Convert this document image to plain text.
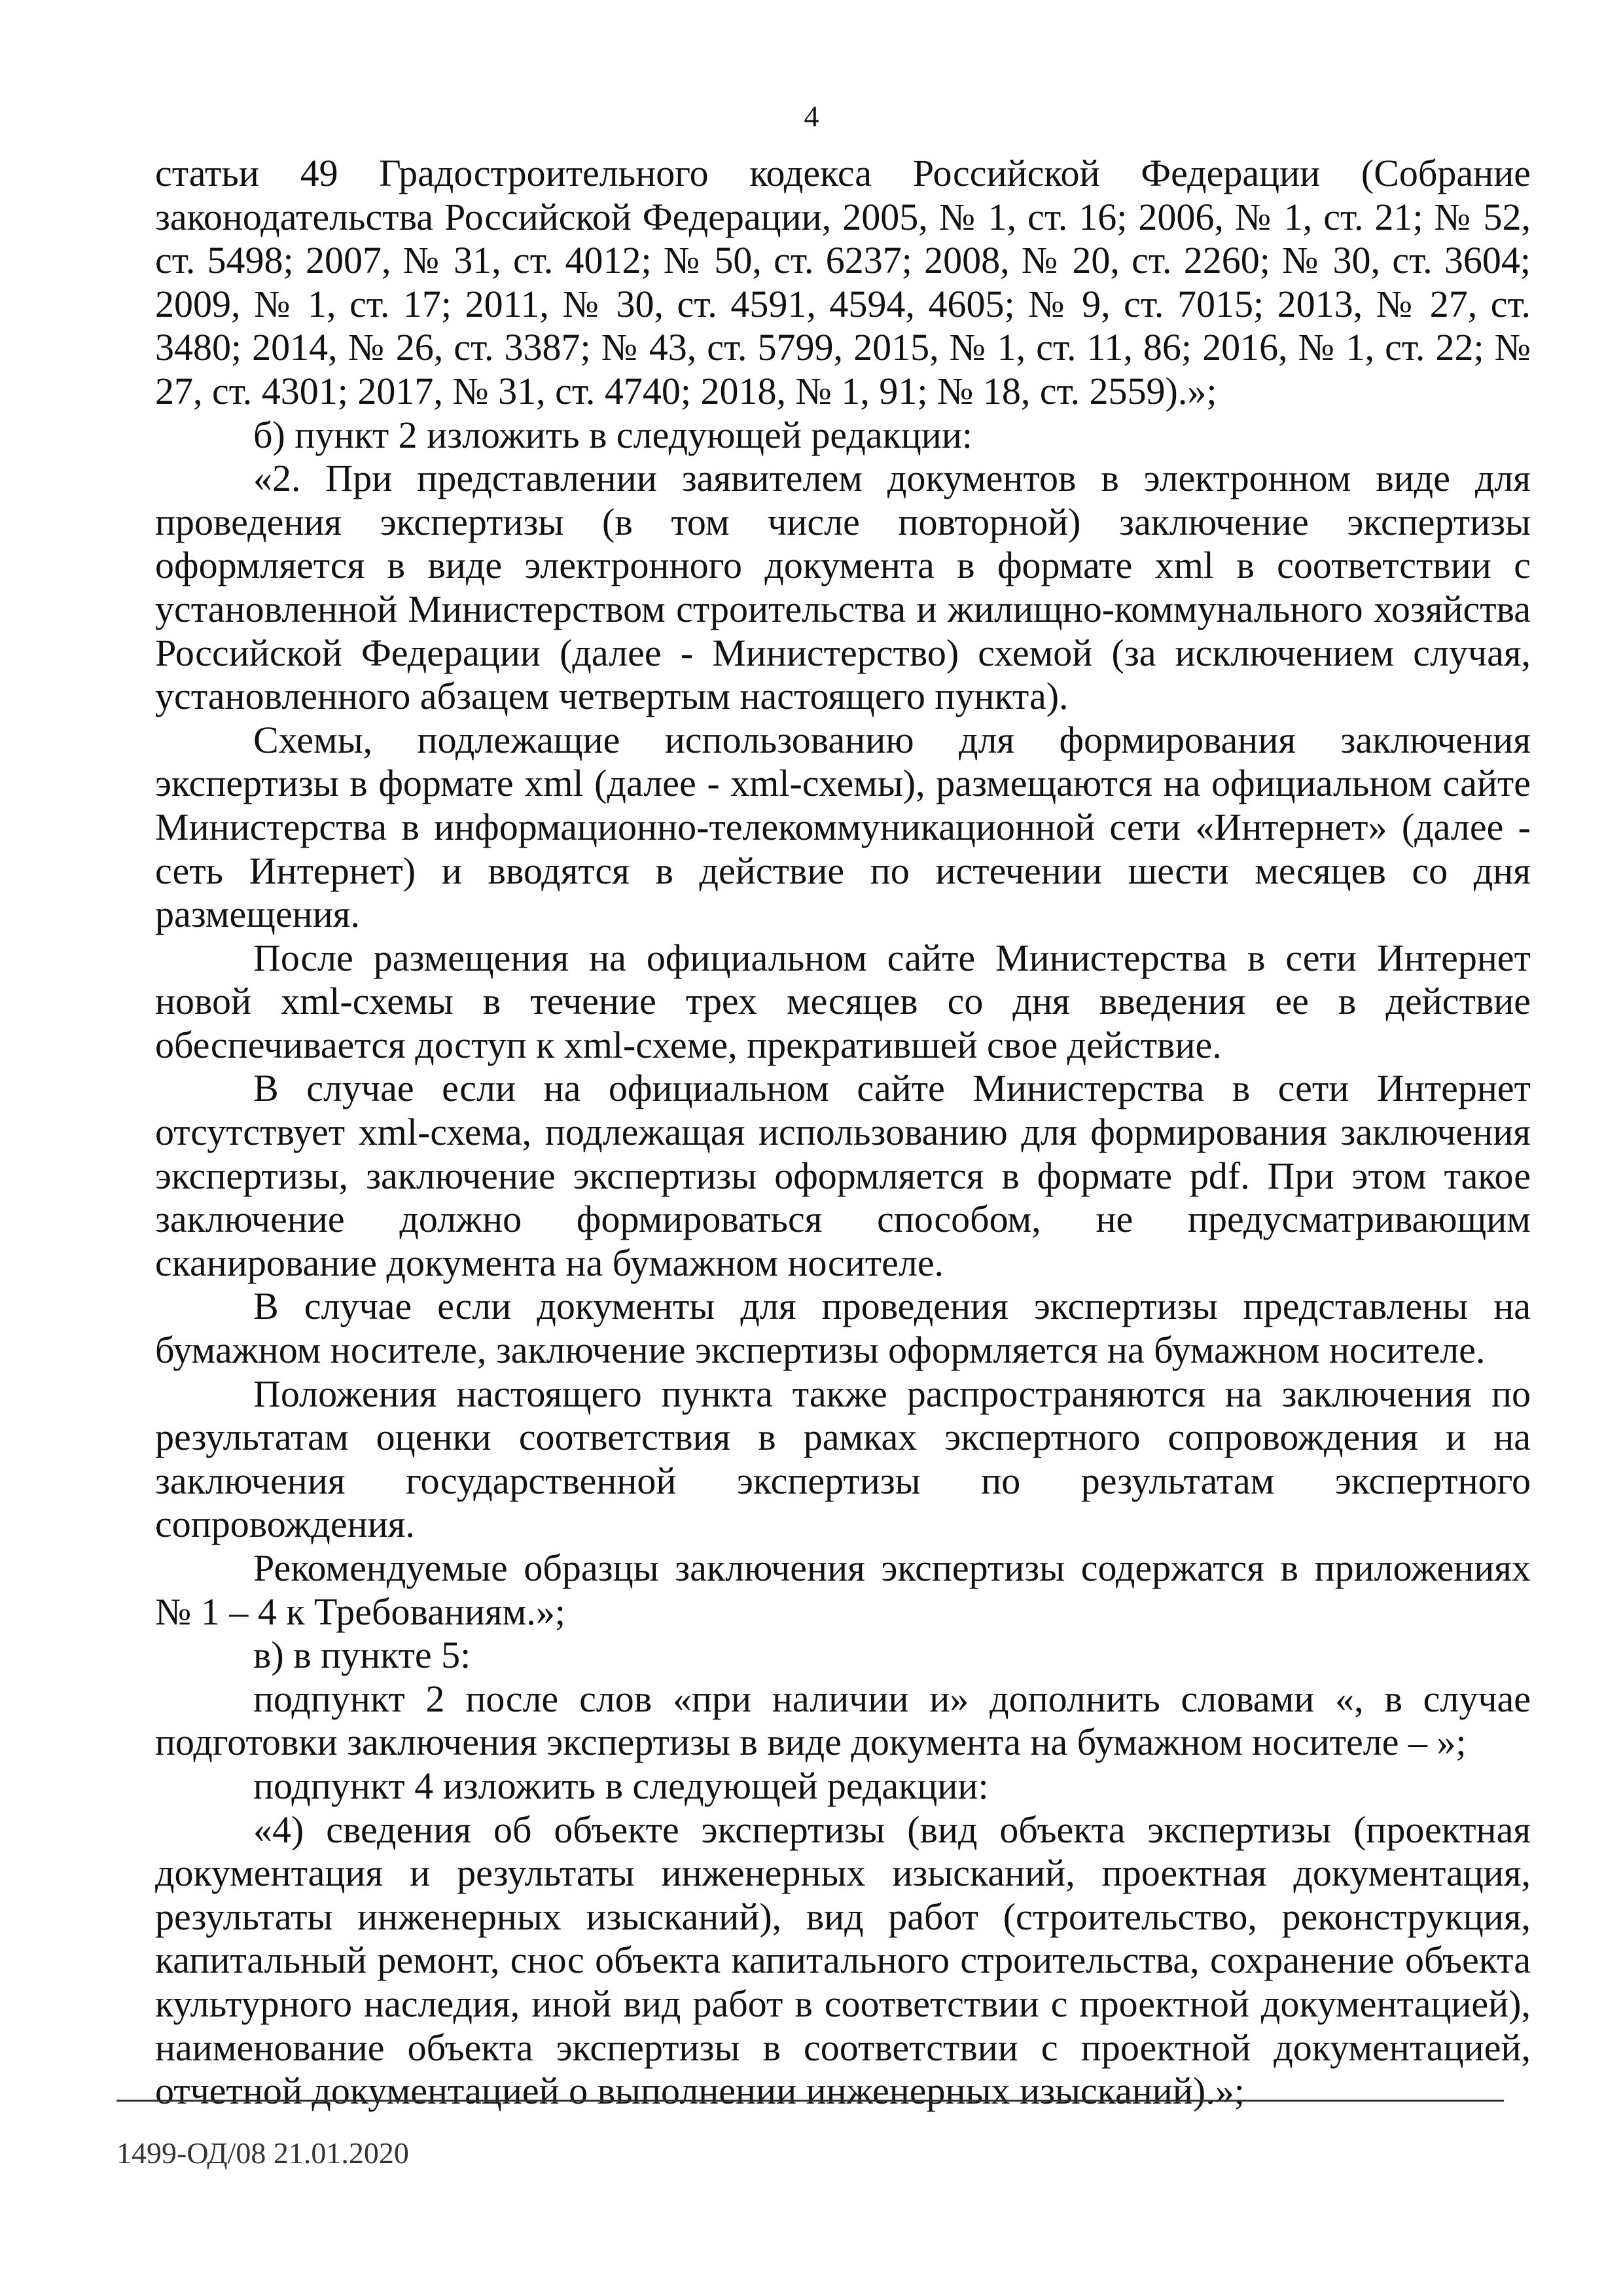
4

статьи 49 Градостроительного кодекса Российской Федерации (Собрание законодательства Российской Федерации, 2005, № 1, ст. 16; 2006, № 1, ст. 21; № 52, ст. 5498; 2007, № 31, ст. 4012; № 50, ст. 6237; 2008, № 20, ст. 2260; № 30, ст. 3604; 2009, № 1, ст. 17; 2011, № 30, ст. 4591, 4594, 4605; № 9, ст. 7015; 2013, № 27, ст. 3480; 2014, № 26, ст. 3387; № 43, ст. 5799, 2015, № 1, ст. 11, 86; 2016, № 1, ст. 22; № 27, ст. 4301; 2017, № 31, ст. 4740; 2018, № 1, 91; № 18, ст. 2559).»;

б) пункт 2 изложить в следующей редакции:

«2. При представлении заявителем документов в электронном виде для проведения экспертизы (в том числе повторной) заключение экспертизы оформляется в виде электронного документа в формате xml в соответствии с установленной Министерством строительства и жилищно-коммунального хозяйства Российской Федерации (далее - Министерство) схемой (за исключением случая, установленного абзацем четвертым настоящего пункта).

Схемы, подлежащие использованию для формирования заключения экспертизы в формате xml (далее - xml-схемы), размещаются на официальном сайте Министерства в информационно-телекоммуникационной сети «Интернет» (далее - сеть Интернет) и вводятся в действие по истечении шести месяцев со дня размещения.

После размещения на официальном сайте Министерства в сети Интернет новой xml-схемы в течение трех месяцев со дня введения ее в действие обеспечивается доступ к xml-схеме, прекратившей свое действие.

В случае если на официальном сайте Министерства в сети Интернет отсутствует xml-схема, подлежащая использованию для формирования заключения экспертизы, заключение экспертизы оформляется в формате pdf. При этом такое заключение должно формироваться способом, не предусматривающим сканирование документа на бумажном носителе.

В случае если документы для проведения экспертизы представлены на бумажном носителе, заключение экспертизы оформляется на бумажном носителе.

Положения настоящего пункта также распространяются на заключения по результатам оценки соответствия в рамках экспертного сопровождения и на заключения государственной экспертизы по результатам экспертного сопровождения.

Рекомендуемые образцы заключения экспертизы содержатся в приложениях № 1 – 4 к Требованиям.»;

в) в пункте 5:

подпункт 2 после слов «при наличии и» дополнить словами «, в случае подготовки заключения экспертизы в виде документа на бумажном носителе – »;

подпункт 4 изложить в следующей редакции:

«4) сведения об объекте экспертизы (вид объекта экспертизы (проектная документация и результаты инженерных изысканий, проектная документация, результаты инженерных изысканий), вид работ (строительство, реконструкция, капитальный ремонт, снос объекта капитального строительства, сохранение объекта культурного наследия, иной вид работ в соответствии с проектной документацией), наименование объекта экспертизы в соответствии с проектной документацией, отчетной документацией о выполнении инженерных изысканий).»;

1499-ОД/08 21.01.2020
